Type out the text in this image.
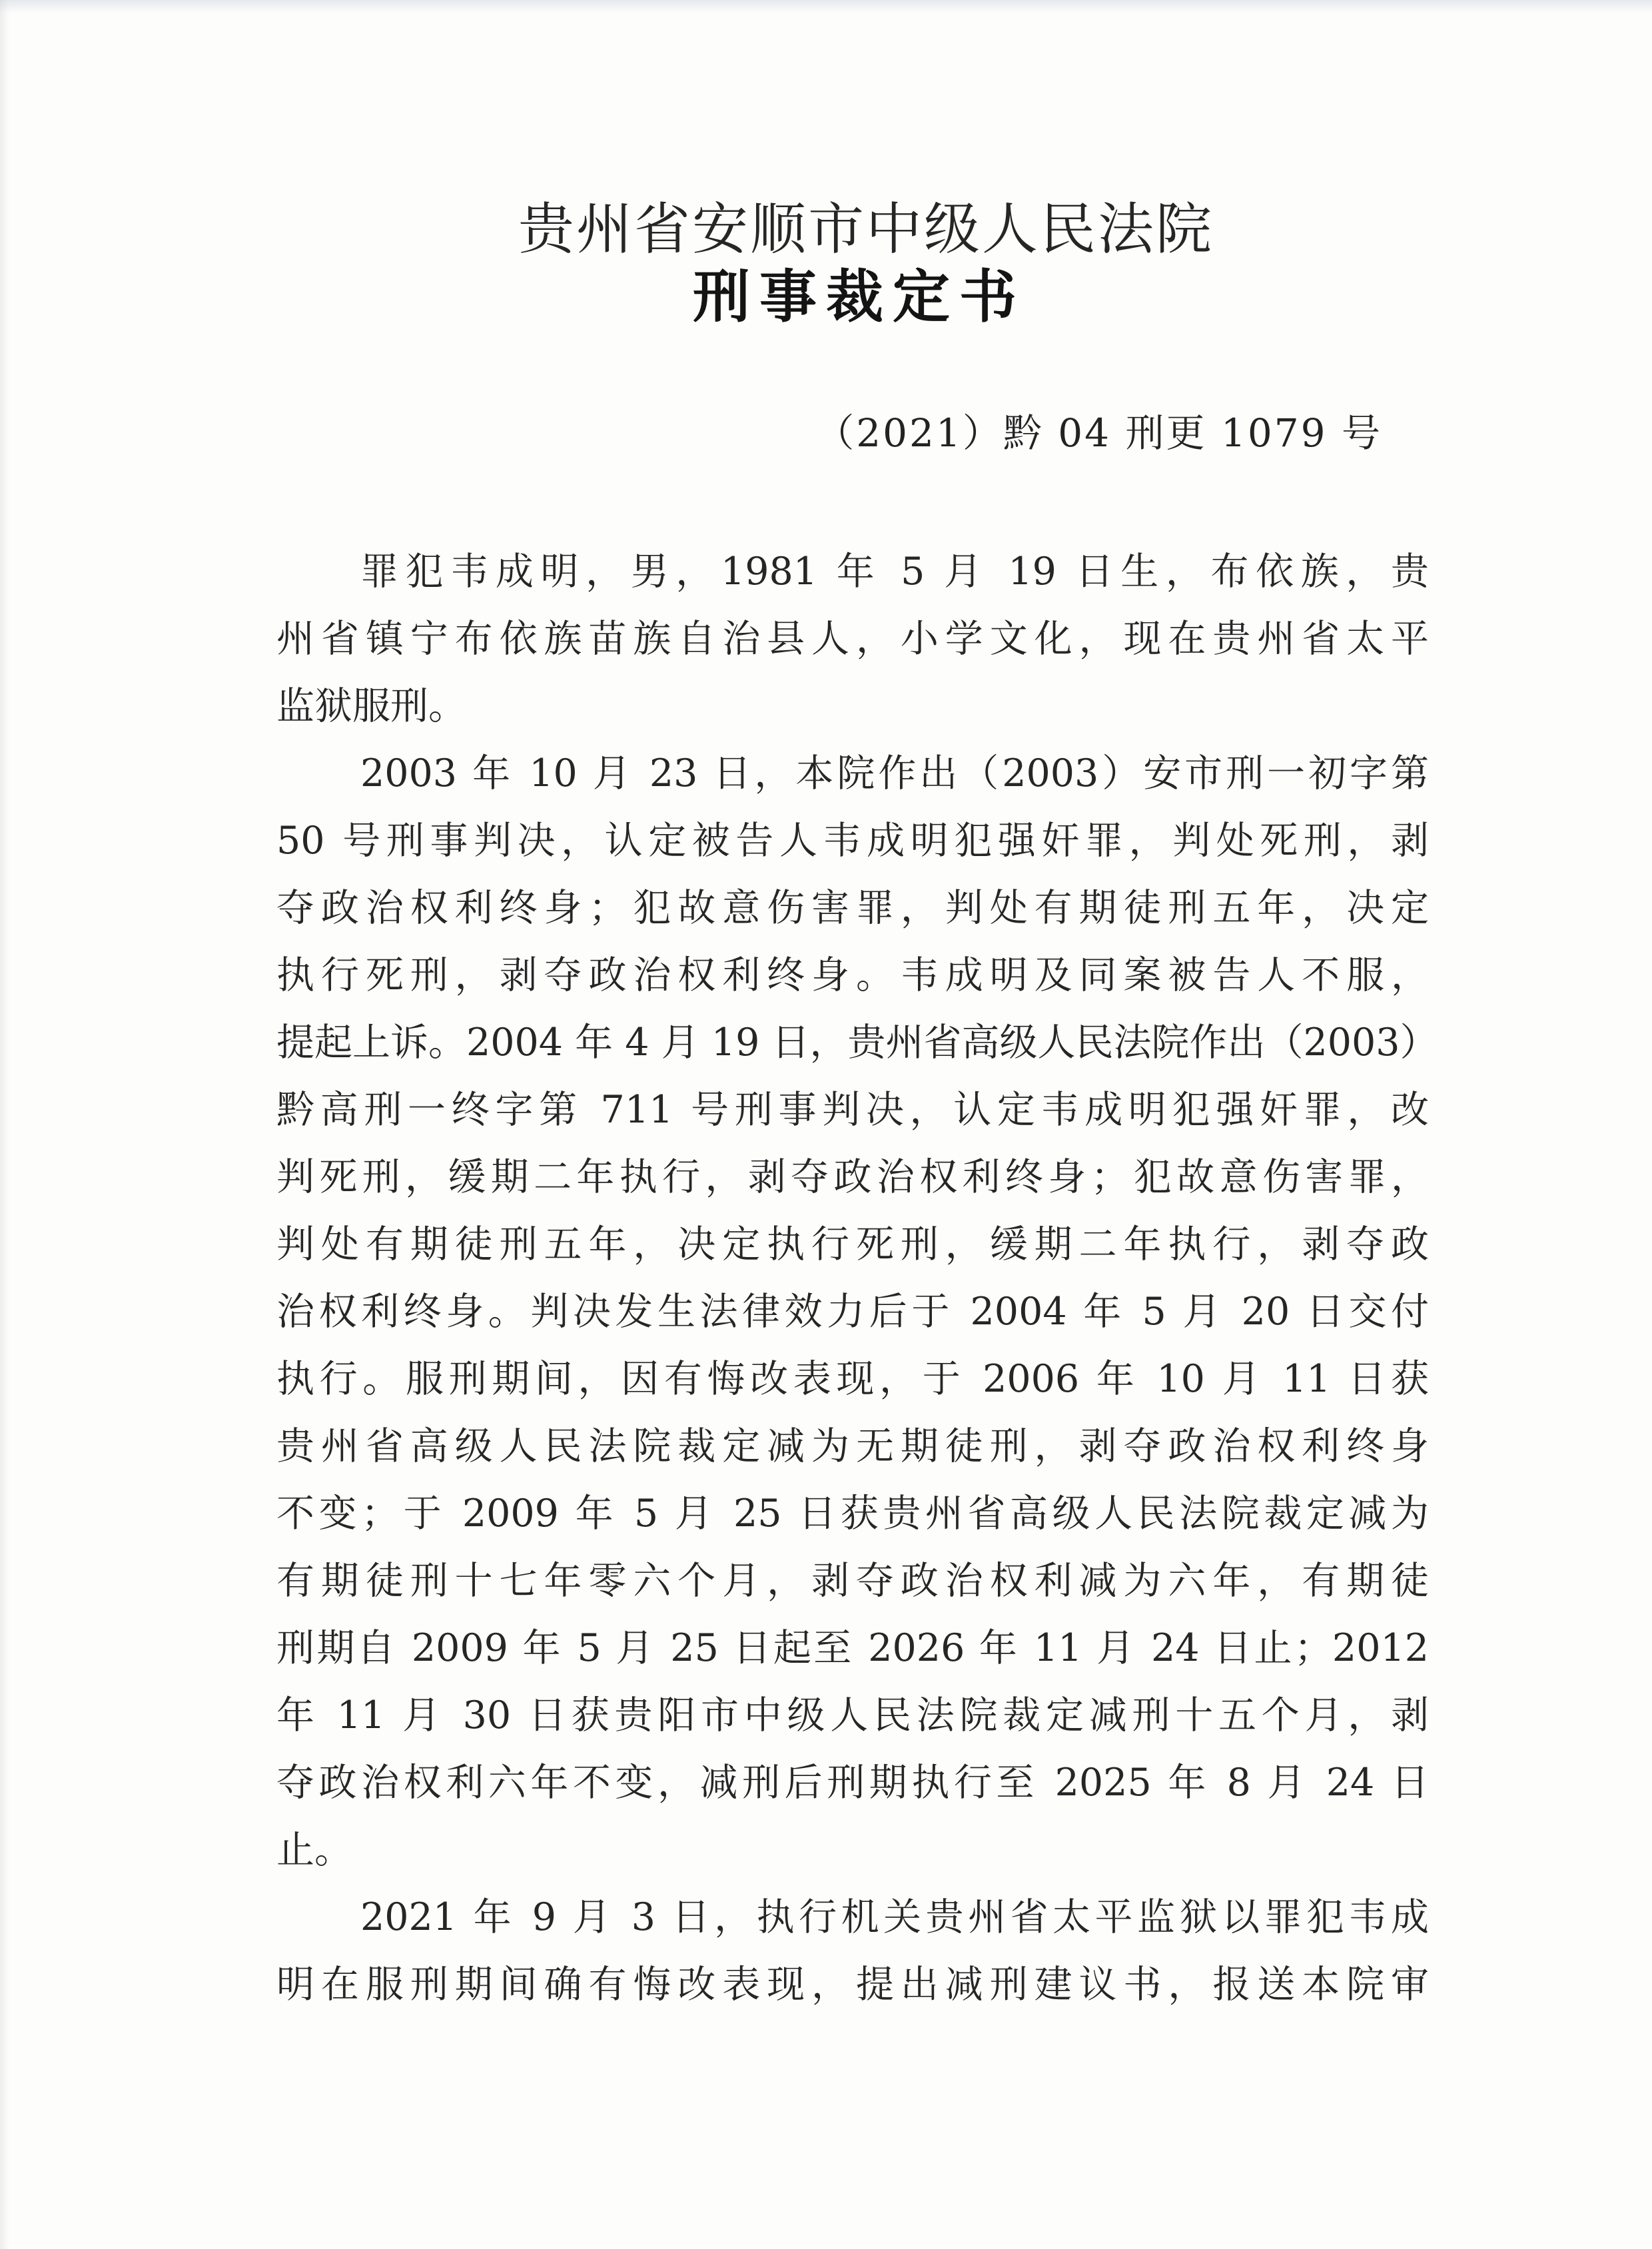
贵州省安顺市中级人民法院
刑事裁定书
（2021）黔 04 刑更 1079 号
罪犯韦成明，男，1981 年 5 月 19 日生，布依族，贵
州省镇宁布依族苗族自治县人，小学文化，现在贵州省太平
监狱服刑。
2003 年 10 月 23 日，本院作出（2003）安市刑一初字第
50 号刑事判决，认定被告人韦成明犯强奸罪，判处死刑，剥
夺政治权利终身；犯故意伤害罪，判处有期徒刑五年，决定
执行死刑，剥夺政治权利终身。韦成明及同案被告人不服，
提起上诉。2004 年 4 月 19 日，贵州省高级人民法院作出（2003）
黔高刑一终字第 711 号刑事判决，认定韦成明犯强奸罪，改
判死刑，缓期二年执行，剥夺政治权利终身；犯故意伤害罪，
判处有期徒刑五年，决定执行死刑，缓期二年执行，剥夺政
治权利终身。判决发生法律效力后于 2004 年 5 月 20 日交付
执行。服刑期间，因有悔改表现，于 2006 年 10 月 11 日获
贵州省高级人民法院裁定减为无期徒刑，剥夺政治权利终身
不变；于 2009 年 5 月 25 日获贵州省高级人民法院裁定减为
有期徒刑十七年零六个月，剥夺政治权利减为六年，有期徒
刑期自 2009 年 5 月 25 日起至 2026 年 11 月 24 日止；2012
年 11 月 30 日获贵阳市中级人民法院裁定减刑十五个月，剥
夺政治权利六年不变，减刑后刑期执行至 2025 年 8 月 24 日
止。
2021 年 9 月 3 日，执行机关贵州省太平监狱以罪犯韦成
明在服刑期间确有悔改表现，提出减刑建议书，报送本院审
